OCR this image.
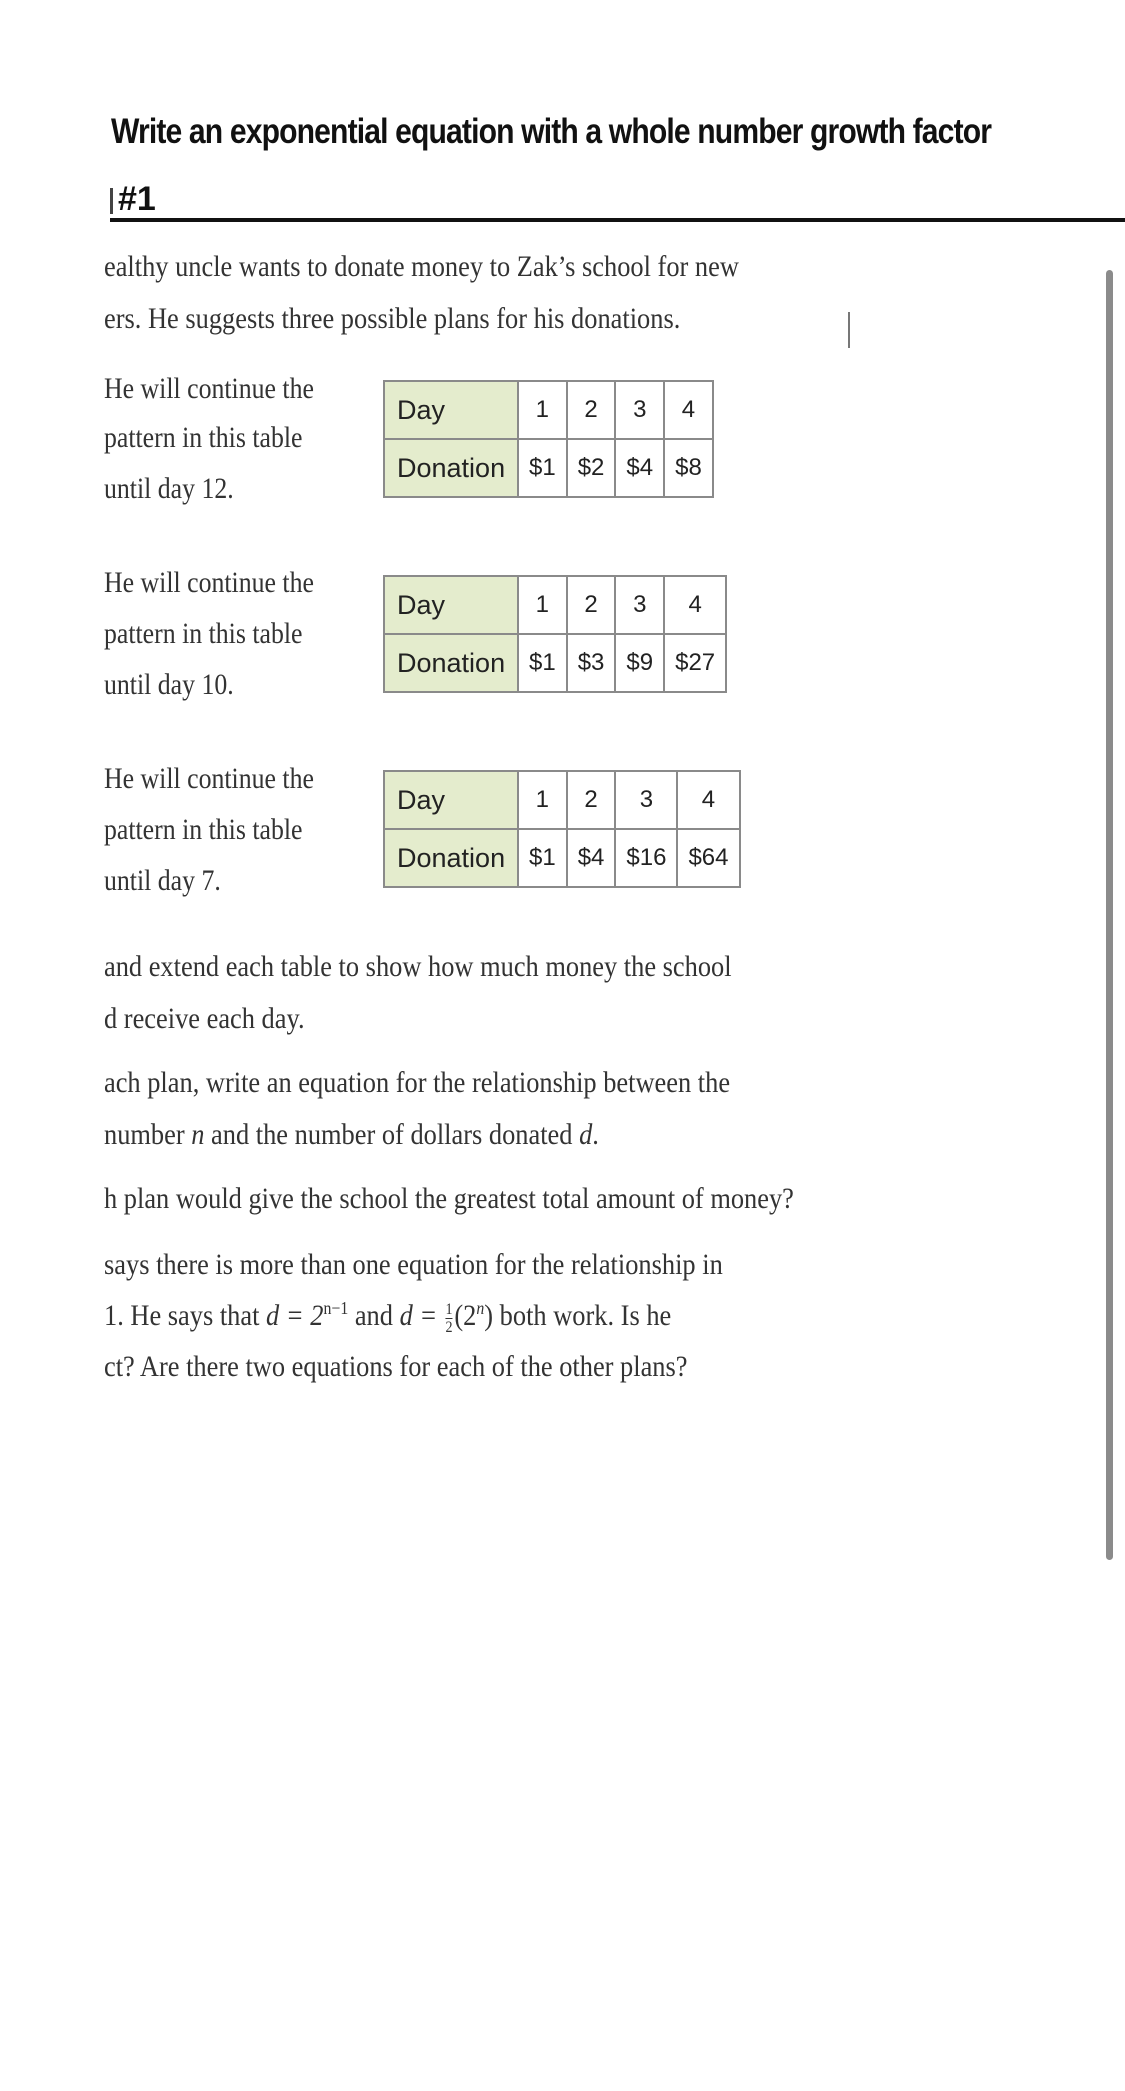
Write an exponential equation with a whole number growth factor
#1
ealthy uncle wants to donate money to Zak’s school for new
ers. He suggests three possible plans for his donations.
He will continue the
pattern in this table
until day 12.
Day	1	2	3	4
Donation	$1	$2	$4	$8
He will continue the
pattern in this table
until day 10.
Day	1	2	3	4
Donation	$1	$3	$9	$27
He will continue the
pattern in this table
until day 7.
Day	1	2	3	4
Donation	$1	$4	$16	$64
and extend each table to show how much money the school
d receive each day.
ach plan, write an equation for the relationship between the
number n and the number of dollars donated d.
h plan would give the school the greatest total amount of money?
says there is more than one equation for the relationship in
1. He says that $d = 2^{n-1}$ and $d = \frac{1}{2} (2^n)$ both work. Is he
ct? Are there two equations for each of the other plans?
